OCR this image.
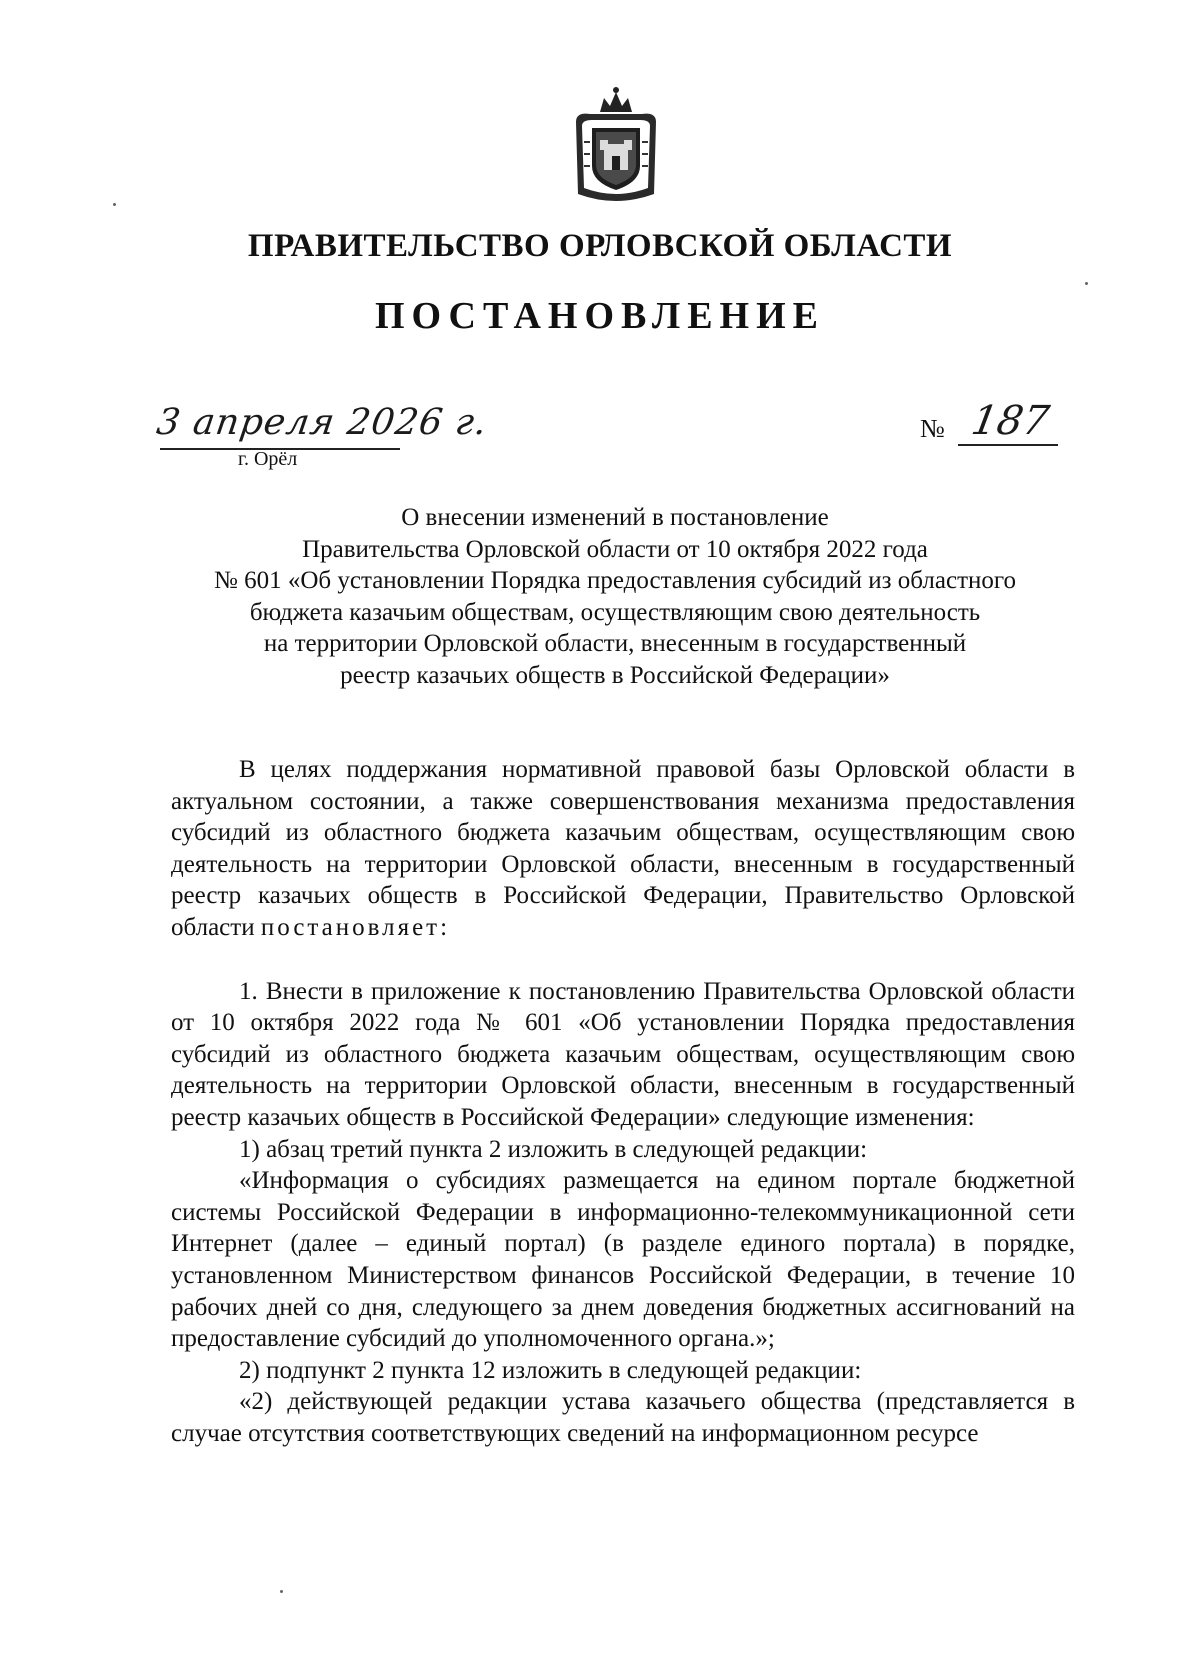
ПРАВИТЕЛЬСТВО ОРЛОВСКОЙ ОБЛАСТИ
ПОСТАНОВЛЕНИЕ
3 апреля 2026 г.
г. Орёл
№ 187
О внесении изменений в постановление
Правительства Орловской области от 10 октября 2022 года
№ 601 «Об установлении Порядка предоставления субсидий из областного
бюджета казачьим обществам, осуществляющим свою деятельность
на территории Орловской области, внесенным в государственный
реестр казачьих обществ в Российской Федерации»

В целях поддержания нормативной правовой базы Орловской области в актуальном состоянии, а также совершенствования механизма предоставления субсидий из областного бюджета казачьим обществам, осуществляющим свою деятельность на территории Орловской области, внесенным в государственный реестр казачьих обществ в Российской Федерации, Правительство Орловской области постановляет:

1. Внести в приложение к постановлению Правительства Орловской области от 10 октября 2022 года № 601 «Об установлении Порядка предоставления субсидий из областного бюджета казачьим обществам, осуществляющим свою деятельность на территории Орловской области, внесенным в государственный реестр казачьих обществ в Российской Федерации» следующие изменения:

1) абзац третий пункта 2 изложить в следующей редакции:

«Информация о субсидиях размещается на едином портале бюджетной системы Российской Федерации в информационно-телекоммуникационной сети Интернет (далее – единый портал) (в разделе единого портала) в порядке, установленном Министерством финансов Российской Федерации, в течение 10 рабочих дней со дня, следующего за днем доведения бюджетных ассигнований на предоставление субсидий до уполномоченного органа.»;

2) подпункт 2 пункта 12 изложить в следующей редакции:

«2) действующей редакции устава казачьего общества (представляется в случае отсутствия соответствующих сведений на информационном ресурсе
